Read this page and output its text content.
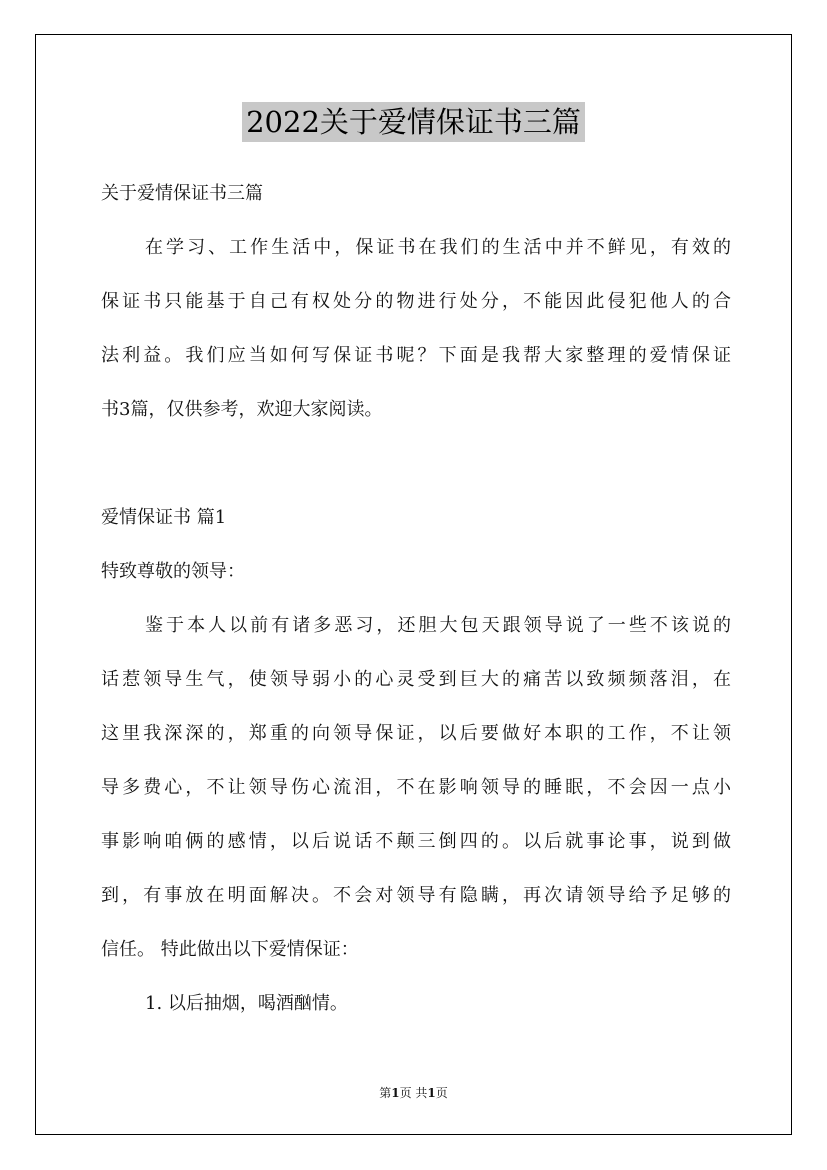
2022关于爱情保证书三篇
关于爱情保证书三篇
在学习、工作生活中，保证书在我们的生活中并不鲜见，有效的
保证书只能基于自己有权处分的物进行处分，不能因此侵犯他人的合
法利益。我们应当如何写保证书呢？下面是我帮大家整理的爱情保证
书3篇，仅供参考，欢迎大家阅读。
爱情保证书 篇1
特致尊敬的领导：
鉴于本人以前有诸多恶习，还胆大包天跟领导说了一些不该说的
话惹领导生气，使领导弱小的心灵受到巨大的痛苦以致频频落泪，在
这里我深深的，郑重的向领导保证，以后要做好本职的工作，不让领
导多费心，不让领导伤心流泪，不在影响领导的睡眠，不会因一点小
事影响咱俩的感情，以后说话不颠三倒四的。以后就事论事，说到做
到，有事放在明面解决。不会对领导有隐瞒，再次请领导给予足够的
信任。 特此做出以下爱情保证：
1. 以后抽烟，喝酒酗情。
第1页 共1页
